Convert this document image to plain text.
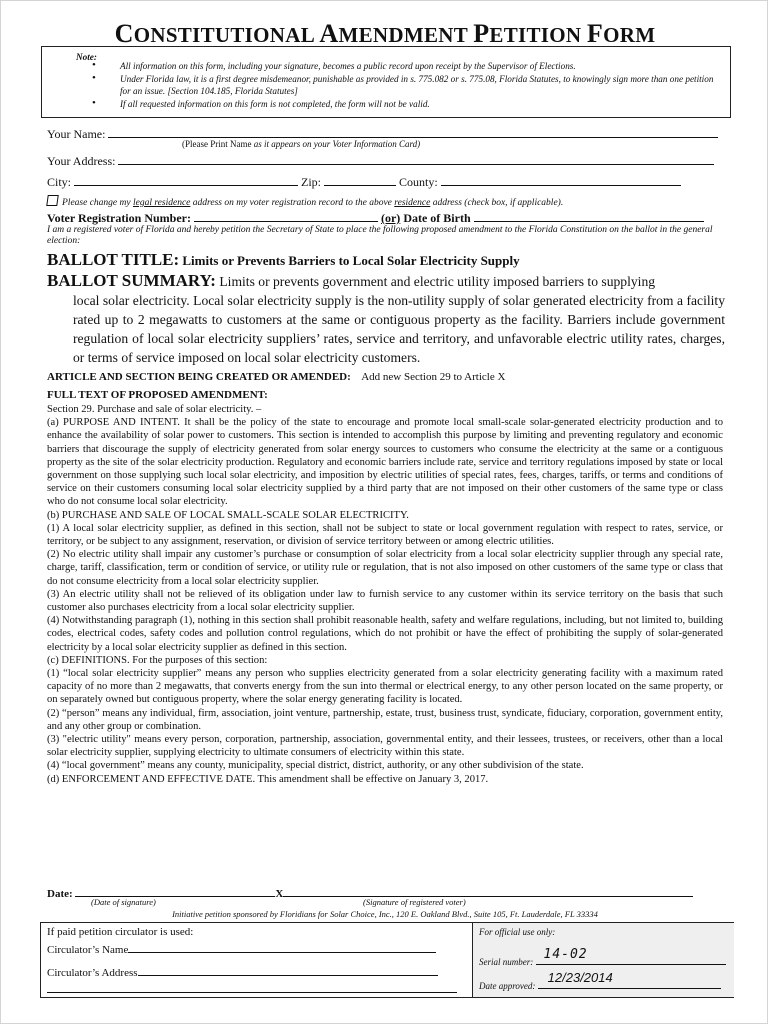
CONSTITUTIONAL AMENDMENT PETITION FORM
Note:
• All information on this form, including your signature, becomes a public record upon receipt by the Supervisor of Elections.
• Under Florida law, it is a first degree misdemeanor, punishable as provided in s. 775.082 or s. 775.08, Florida Statutes, to knowingly sign more than one petition for an issue. [Section 104.185, Florida Statutes]
• If all requested information on this form is not completed, the form will not be valid.
Your Name:
(Please Print Name as it appears on your Voter Information Card)
Your Address:
City:	Zip:	County:
Please change my legal residence address on my voter registration record to the above residence address (check box, if applicable).
Voter Registration Number:	(or) Date of Birth
I am a registered voter of Florida and hereby petition the Secretary of State to place the following proposed amendment to the Florida Constitution on the ballot in the general election:
BALLOT TITLE: Limits or Prevents Barriers to Local Solar Electricity Supply
BALLOT SUMMARY: Limits or prevents government and electric utility imposed barriers to supplying
local solar electricity. Local solar electricity supply is the non-utility supply of solar generated electricity from a facility rated up to 2 megawatts to customers at the same or contiguous property as the facility. Barriers include government regulation of local solar electricity suppliers’ rates, service and territory, and unfavorable electric utility rates, charges, or terms of service imposed on local solar electricity customers.
ARTICLE AND SECTION BEING CREATED OR AMENDED: Add new Section 29 to Article X
FULL TEXT OF PROPOSED AMENDMENT:

Section 29. Purchase and sale of solar electricity. –

(a) PURPOSE AND INTENT. It shall be the policy of the state to encourage and promote local small-scale solar-generated electricity production and to enhance the availability of solar power to customers. This section is intended to accomplish this purpose by limiting and preventing regulatory and economic barriers that discourage the supply of electricity generated from solar energy sources to customers who consume the electricity at the same or a contiguous property as the site of the solar electricity production. Regulatory and economic barriers include rate, service and territory regulations imposed by state or local government on those supplying such local solar electricity, and imposition by electric utilities of special rates, fees, charges, tariffs, or terms and conditions of service on their customers consuming local solar electricity supplied by a third party that are not imposed on their other customers of the same type or class who do not consume local solar electricity.

(b) PURCHASE AND SALE OF LOCAL SMALL-SCALE SOLAR ELECTRICITY.

(1) A local solar electricity supplier, as defined in this section, shall not be subject to state or local government regulation with respect to rates, service, or territory, or be subject to any assignment, reservation, or division of service territory between or among electric utilities.

(2) No electric utility shall impair any customer’s purchase or consumption of solar electricity from a local solar electricity supplier through any special rate, charge, tariff, classification, term or condition of service, or utility rule or regulation, that is not also imposed on other customers of the same type or class that do not consume electricity from a local solar electricity supplier.

(3) An electric utility shall not be relieved of its obligation under law to furnish service to any customer within its service territory on the basis that such customer also purchases electricity from a local solar electricity supplier.

(4) Notwithstanding paragraph (1), nothing in this section shall prohibit reasonable health, safety and welfare regulations, including, but not limited to, building codes, electrical codes, safety codes and pollution control regulations, which do not prohibit or have the effect of prohibiting the supply of solar-generated electricity by a local solar electricity supplier as defined in this section.

(c) DEFINITIONS. For the purposes of this section:

(1) “local solar electricity supplier” means any person who supplies electricity generated from a solar electricity generating facility with a maximum rated capacity of no more than 2 megawatts, that converts energy from the sun into thermal or electrical energy, to any other person located on the same property, or on separately owned but contiguous property, where the solar energy generating facility is located.

(2) “person” means any individual, firm, association, joint venture, partnership, estate, trust, business trust, syndicate, fiduciary, corporation, government entity, and any other group or combination.

(3) "electric utility" means every person, corporation, partnership, association, governmental entity, and their lessees, trustees, or receivers, other than a local solar electricity supplier, supplying electricity to ultimate consumers of electricity within this state.

(4) “local government” means any county, municipality, special district, district, authority, or any other subdivision of the state.

(d) ENFORCEMENT AND EFFECTIVE DATE. This amendment shall be effective on January 3, 2017.

Date:	X
(Date of signature)	(Signature of registered voter)
Initiative petition sponsored by Floridians for Solar Choice, Inc., 120 E. Oakland Blvd., Suite 105, Ft. Lauderdale, FL 33334
If paid petition circulator is used:
Circulator’s Name
Circulator’s Address
For official use only:
Serial number: 14-02
Date approved:
12/23/2014
